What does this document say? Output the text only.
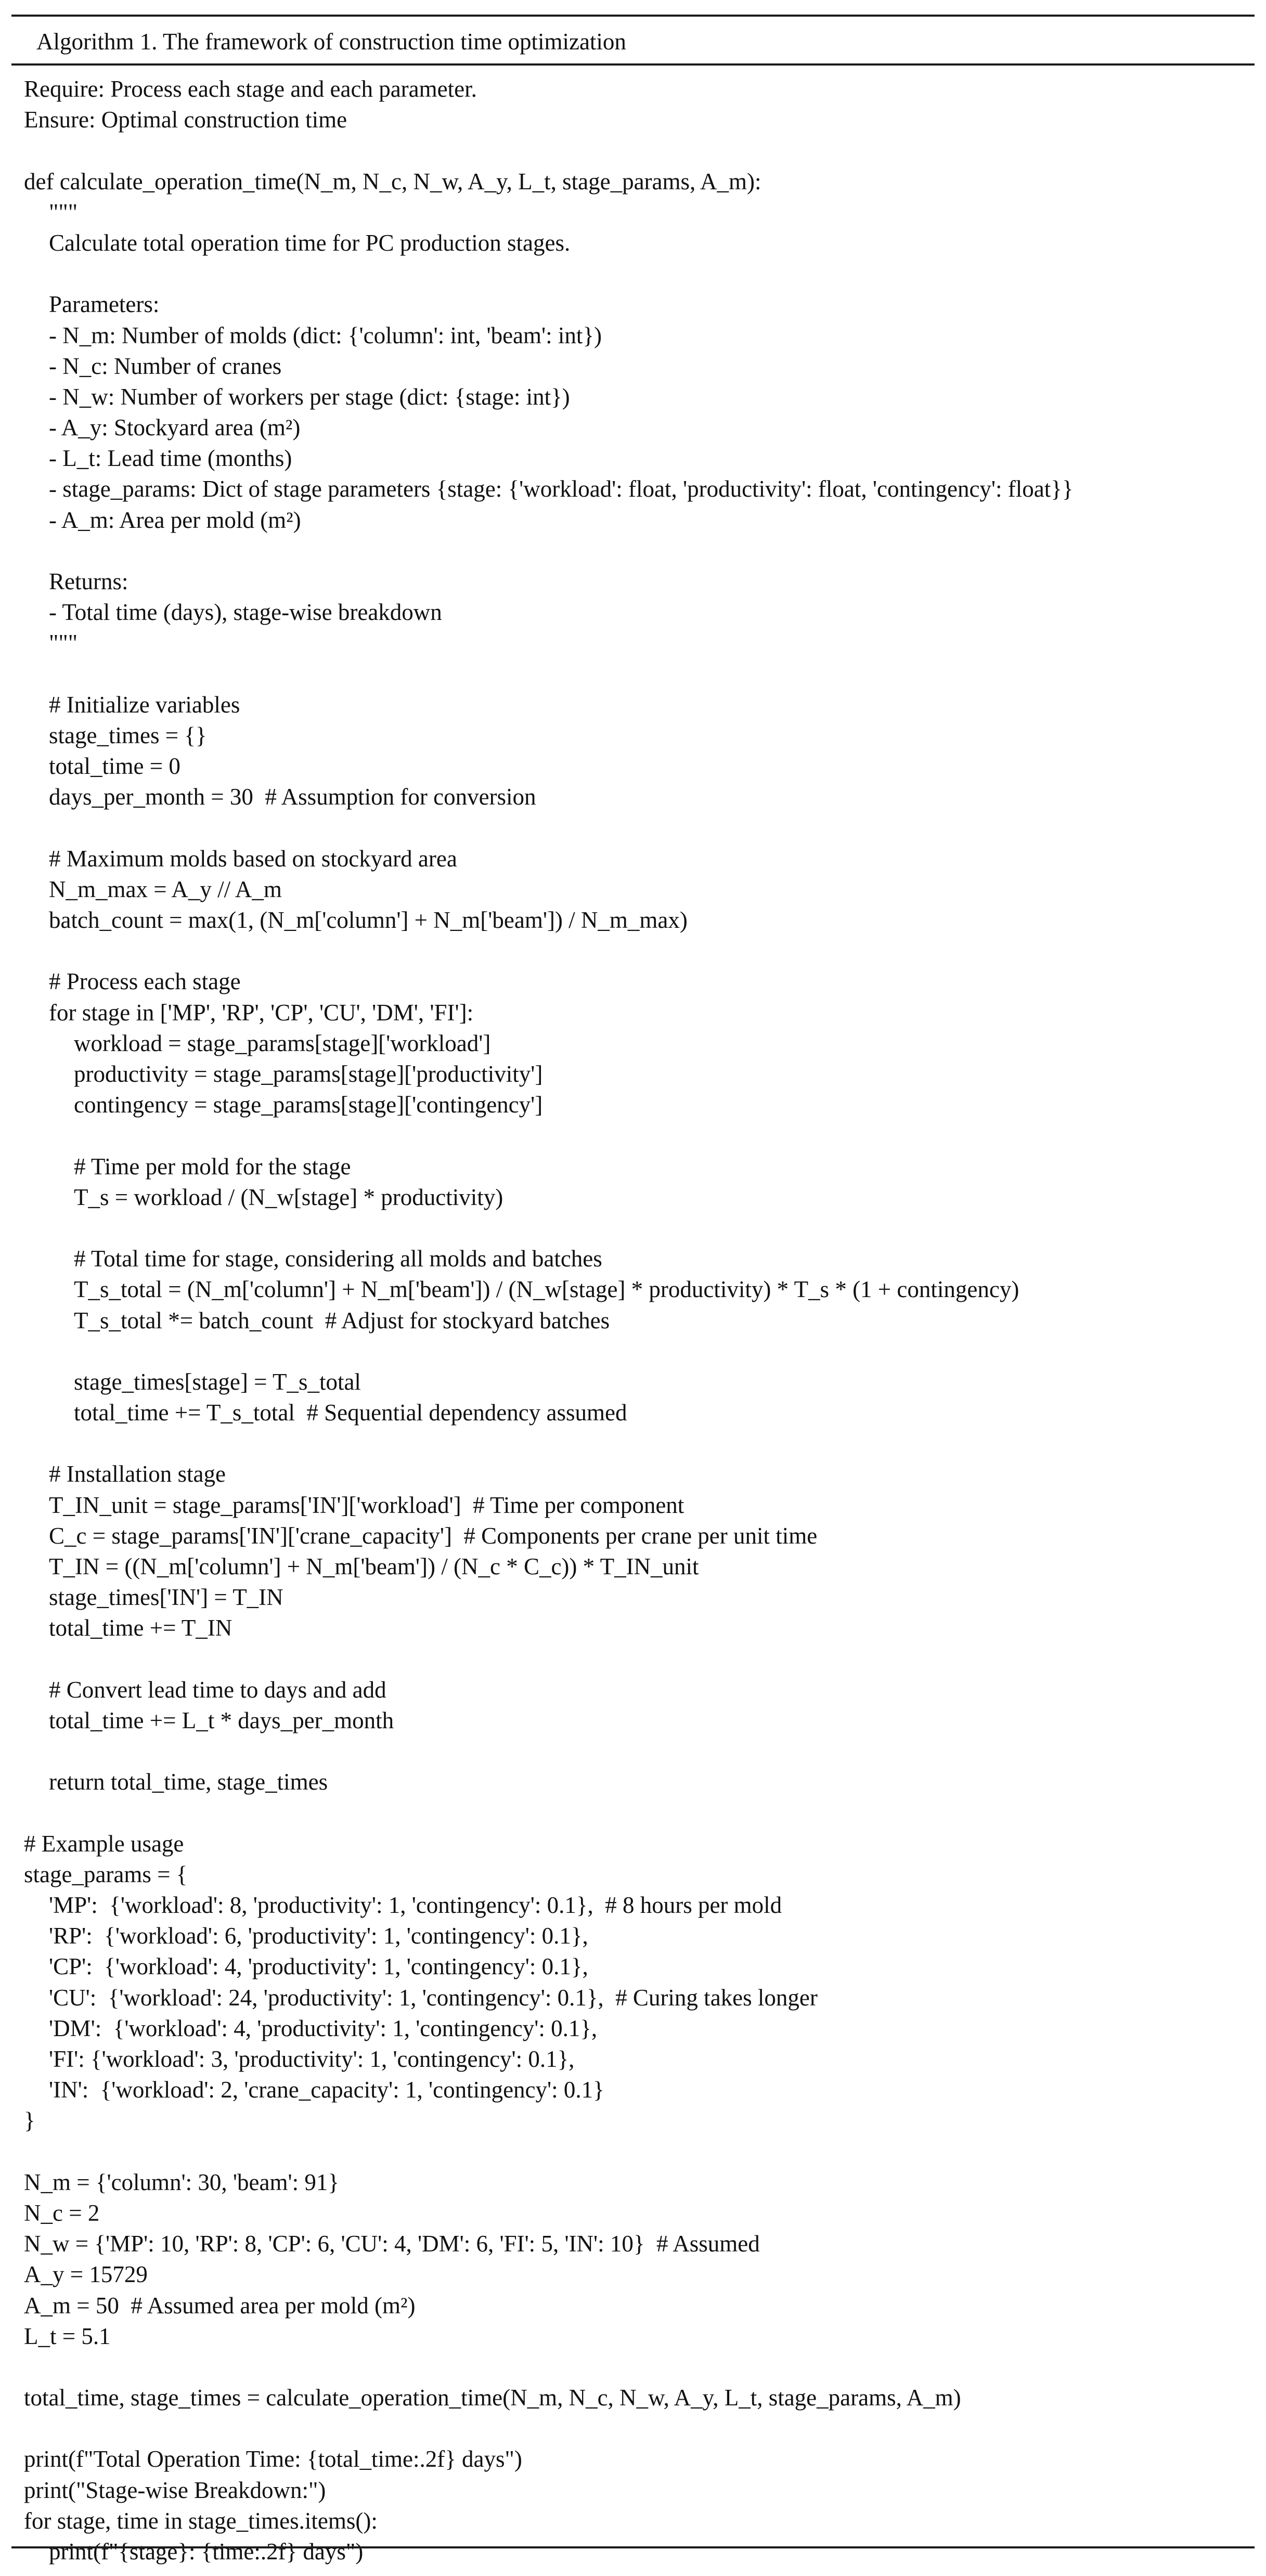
Algorithm 1. The framework of construction time optimization
Require: Process each stage and each parameter.
Ensure: Optimal construction time
def calculate_operation_time(N_m, N_c, N_w, A_y, L_t, stage_params, A_m):
"""
Calculate total operation time for PC production stages.
Parameters:
- N_m: Number of molds (dict: {'column': int, 'beam': int})
- N_c: Number of cranes
- N_w: Number of workers per stage (dict: {stage: int})
- A_y: Stockyard area (m²)
- L_t: Lead time (months)
- stage_params: Dict of stage parameters {stage: {'workload': float, 'productivity': float, 'contingency': float}}
- A_m: Area per mold (m²)
Returns:
- Total time (days), stage-wise breakdown
"""
# Initialize variables
stage_times = {}
total_time = 0
days_per_month = 30  # Assumption for conversion
# Maximum molds based on stockyard area
N_m_max = A_y // A_m
batch_count = max(1, (N_m['column'] + N_m['beam']) / N_m_max)
# Process each stage
for stage in ['MP', 'RP', 'CP', 'CU', 'DM', 'FI']:
workload = stage_params[stage]['workload']
productivity = stage_params[stage]['productivity']
contingency = stage_params[stage]['contingency']
# Time per mold for the stage
T_s = workload / (N_w[stage] * productivity)
# Total time for stage, considering all molds and batches
T_s_total = (N_m['column'] + N_m['beam']) / (N_w[stage] * productivity) * T_s * (1 + contingency)
T_s_total *= batch_count  # Adjust for stockyard batches
stage_times[stage] = T_s_total
total_time += T_s_total  # Sequential dependency assumed
# Installation stage
T_IN_unit = stage_params['IN']['workload']  # Time per component
C_c = stage_params['IN']['crane_capacity']  # Components per crane per unit time
T_IN = ((N_m['column'] + N_m['beam']) / (N_c * C_c)) * T_IN_unit
stage_times['IN'] = T_IN
total_time += T_IN
# Convert lead time to days and add
total_time += L_t * days_per_month
return total_time, stage_times
# Example usage
stage_params = {
'MP':  {'workload': 8, 'productivity': 1, 'contingency': 0.1},  # 8 hours per mold
'RP':  {'workload': 6, 'productivity': 1, 'contingency': 0.1},
'CP':  {'workload': 4, 'productivity': 1, 'contingency': 0.1},
'CU':  {'workload': 24, 'productivity': 1, 'contingency': 0.1},  # Curing takes longer
'DM':  {'workload': 4, 'productivity': 1, 'contingency': 0.1},
'FI': {'workload': 3, 'productivity': 1, 'contingency': 0.1},
'IN':  {'workload': 2, 'crane_capacity': 1, 'contingency': 0.1}
}
N_m = {'column': 30, 'beam': 91}
N_c = 2
N_w = {'MP': 10, 'RP': 8, 'CP': 6, 'CU': 4, 'DM': 6, 'FI': 5, 'IN': 10}  # Assumed
A_y = 15729
A_m = 50  # Assumed area per mold (m²)
L_t = 5.1
total_time, stage_times = calculate_operation_time(N_m, N_c, N_w, A_y, L_t, stage_params, A_m)
print(f"Total Operation Time: {total_time:.2f} days")
print("Stage-wise Breakdown:")
for stage, time in stage_times.items():
print(f"{stage}: {time:.2f} days")
